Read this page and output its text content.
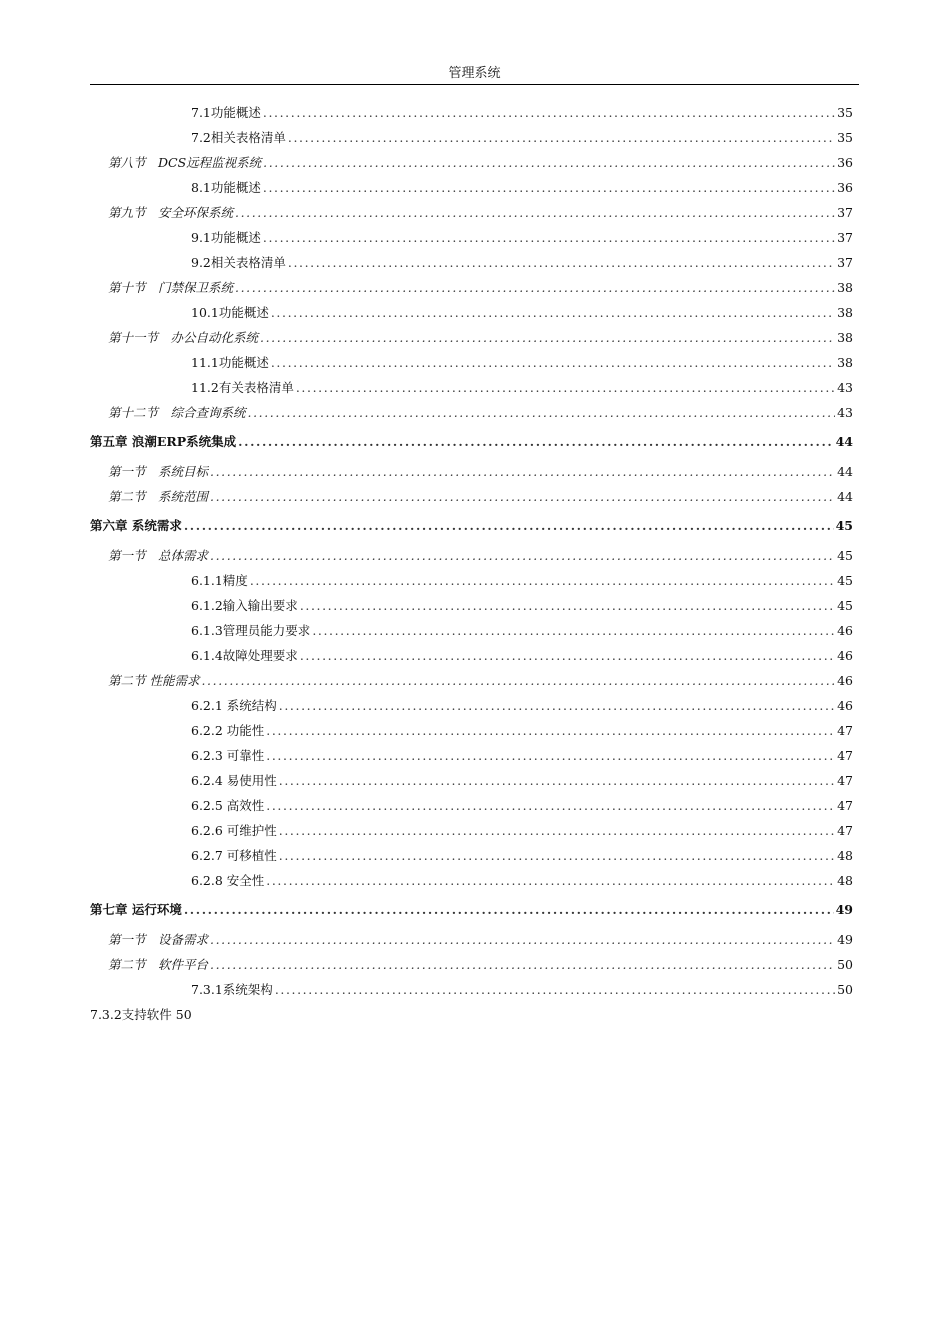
管理系统
7.1功能概述 .....	35
7.2相关表格清单 .....	35
第八节　DCS远程监视系统 .....	36
8.1功能概述 .....	36
第九节　安全环保系统 .....	37
9.1功能概述 .....	37
9.2相关表格清单 .....	37
第十节　门禁保卫系统 .....	38
10.1功能概述 .....	38
第十一节　办公自动化系统 .....	38
11.1功能概述 .....	38
11.2有关表格清单 .....	43
第十二节　综合查询系统 .....	43
第五章 浪潮ERP系统集成 .....	44
第一节　系统目标 .....	44
第二节　系统范围 .....	44
第六章 系统需求 .....	45
第一节　总体需求 .....	45
6.1.1精度 .....	45
6.1.2输入输出要求 .....	45
6.1.3管理员能力要求 .....	46
6.1.4故障处理要求 .....	46
第二节 性能需求 .....	46
6.2.1 系统结构 .....	46
6.2.2 功能性 .....	47
6.2.3 可靠性 .....	47
6.2.4 易使用性 .....	47
6.2.5 高效性 .....	47
6.2.6 可维护性 .....	47
6.2.7 可移植性 .....	48
6.2.8 安全性 .....	48
第七章 运行环境 .....	49
第一节　设备需求 .....	49
第二节　软件平台 .....	50
7.3.1系统架构 .....	50
7.3.2支持软件 50
